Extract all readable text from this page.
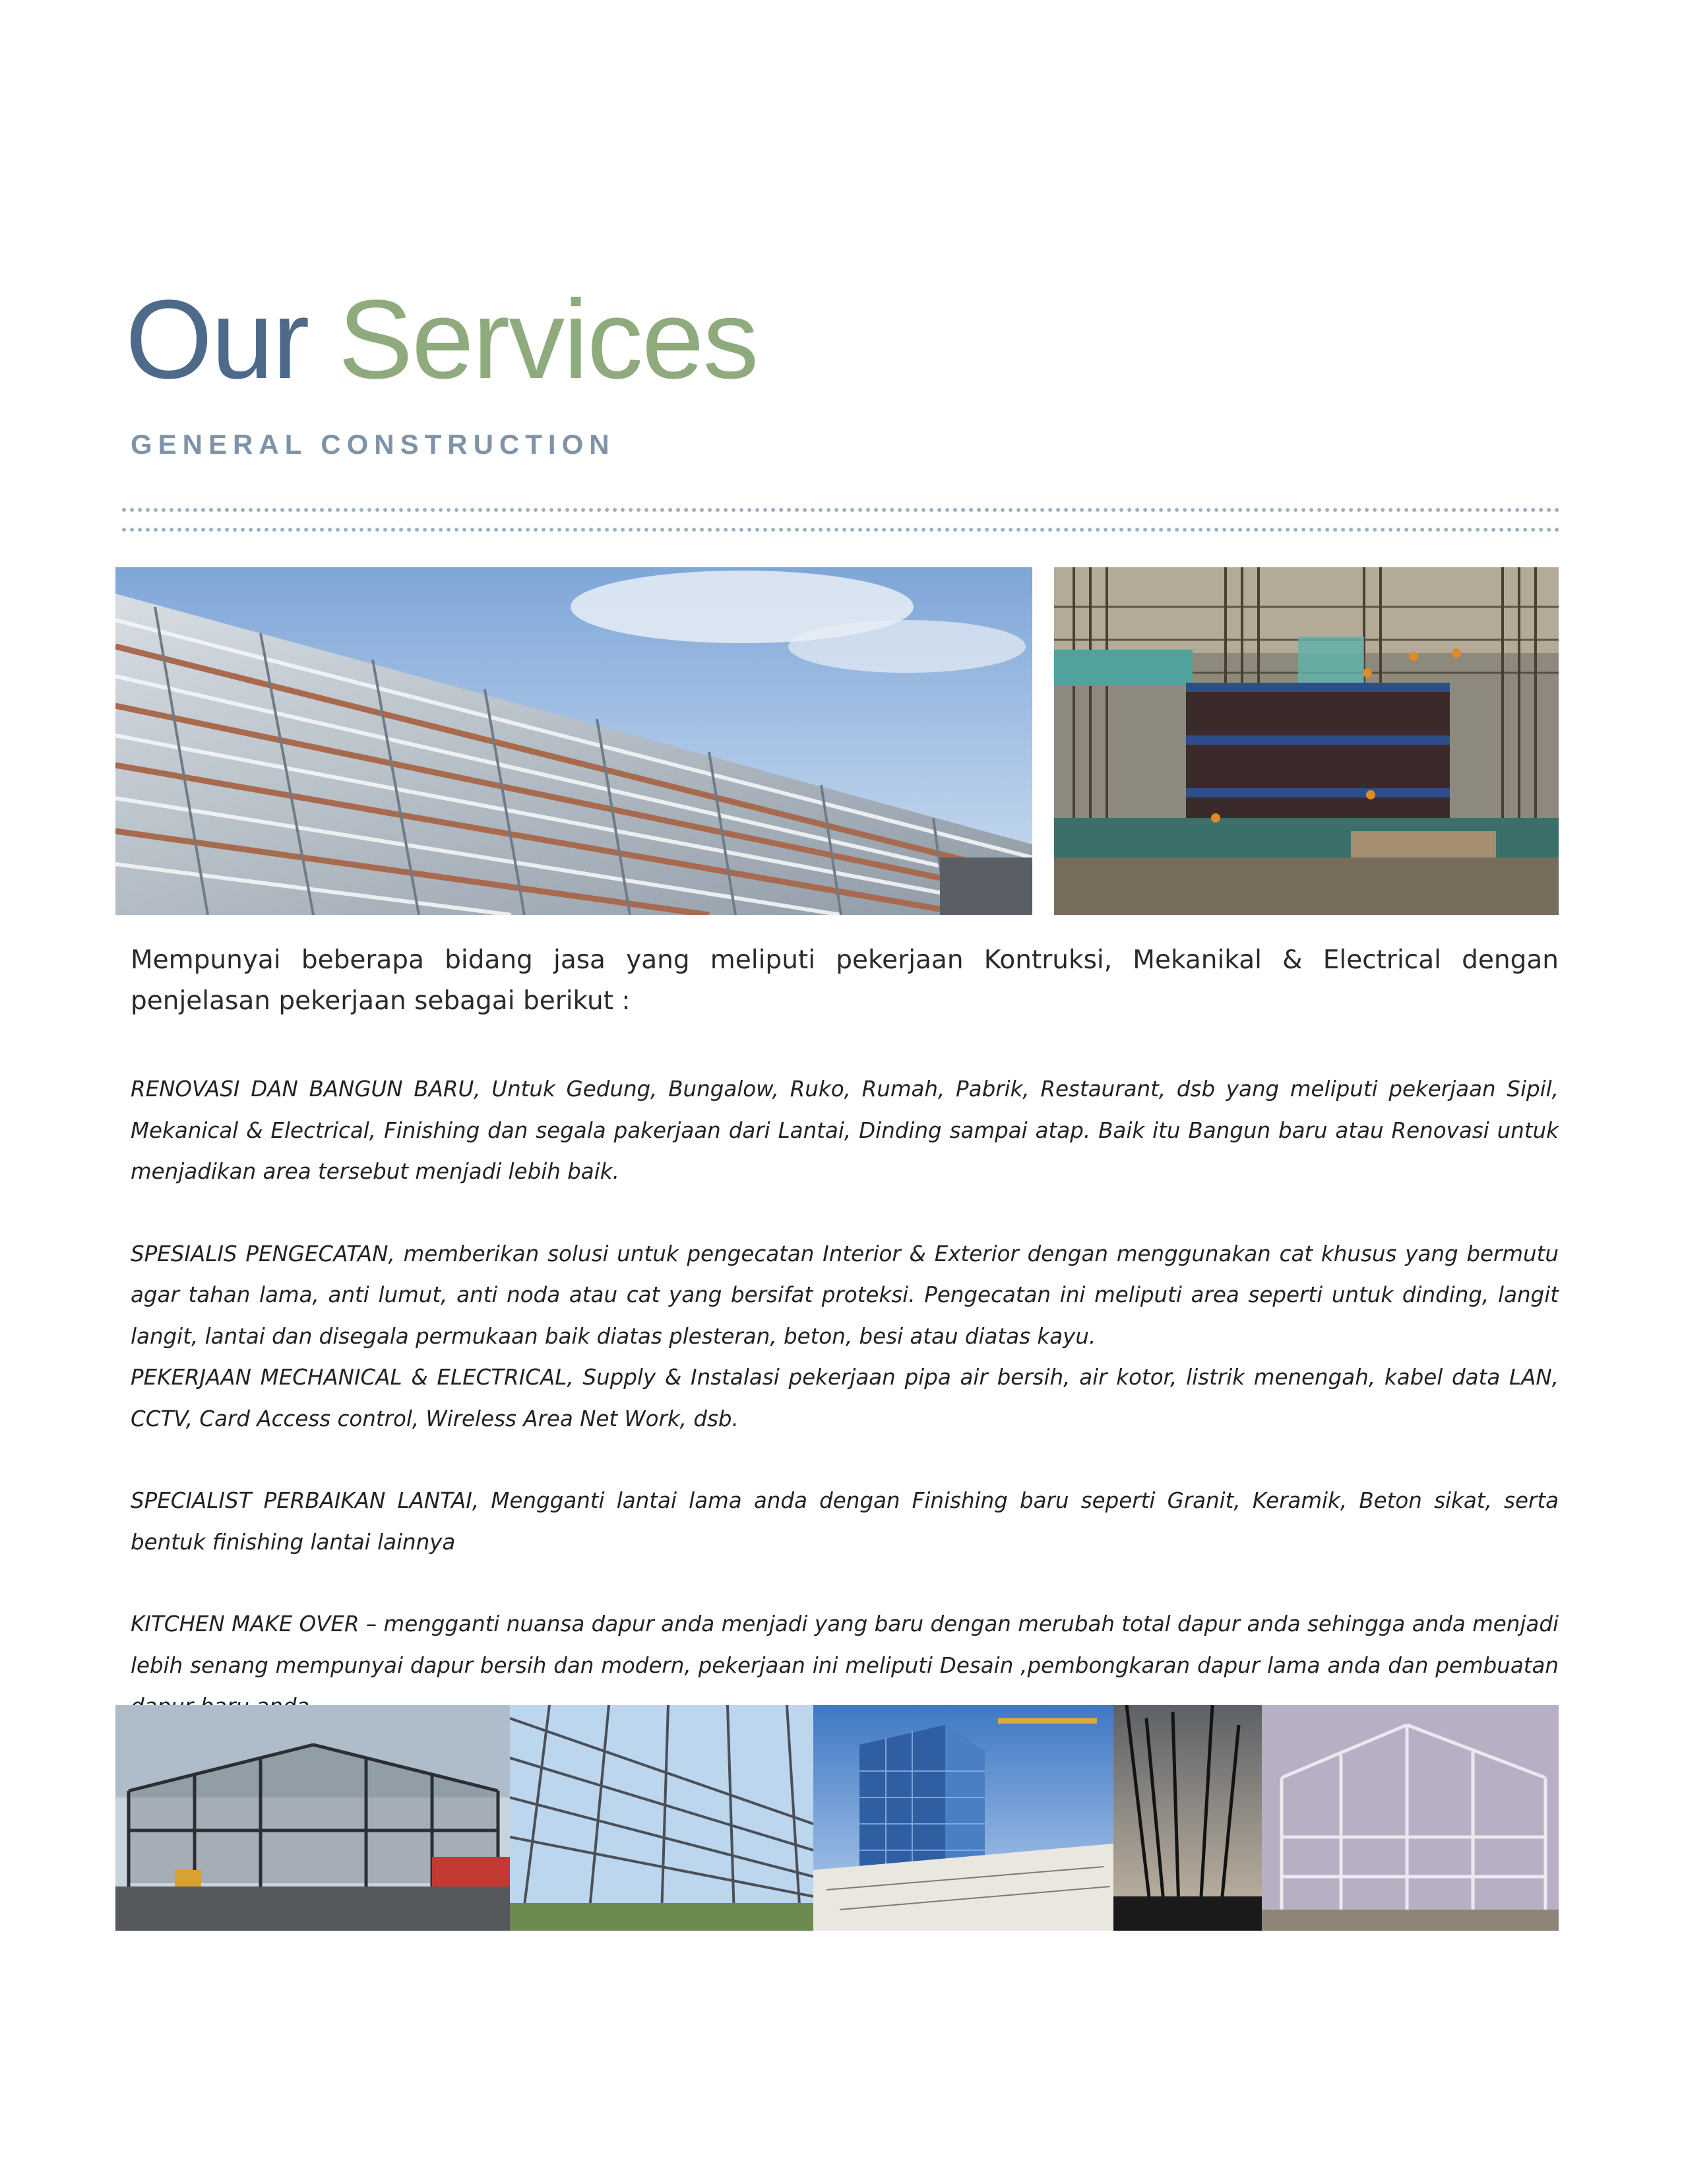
Our Services
GENERAL CONSTRUCTION

Mempunyai beberapa bidang jasa yang meliputi pekerjaan Kontruksi, Mekanikal & Electrical dengan penjelasan pekerjaan sebagai berikut :

RENOVASI DAN BANGUN BARU, Untuk Gedung, Bungalow, Ruko, Rumah, Pabrik, Restaurant, dsb yang meliputi pekerjaan Sipil, Mekanical & Electrical, Finishing dan segala pakerjaan dari Lantai, Dinding sampai atap. Baik itu Bangun baru atau Renovasi untuk menjadikan area tersebut menjadi lebih baik.

SPESIALIS PENGECATAN, memberikan solusi untuk pengecatan Interior & Exterior dengan menggunakan cat khusus yang bermutu agar tahan lama, anti lumut, anti noda atau cat yang bersifat proteksi. Pengecatan ini meliputi area seperti untuk dinding, langit langit, lantai dan disegala permukaan baik diatas plesteran, beton, besi atau diatas kayu.

PEKERJAAN MECHANICAL & ELECTRICAL, Supply & Instalasi pekerjaan pipa air bersih, air kotor, listrik menengah, kabel data LAN, CCTV, Card Access control, Wireless Area Net Work, dsb.

SPECIALIST PERBAIKAN LANTAI, Mengganti lantai lama anda dengan Finishing baru seperti Granit, Keramik, Beton sikat, serta bentuk finishing lantai lainnya

KITCHEN MAKE OVER – mengganti nuansa dapur anda menjadi yang baru dengan merubah total dapur anda sehingga anda menjadi lebih senang mempunyai dapur bersih dan modern, pekerjaan ini meliputi Desain ,pembongkaran dapur lama anda dan pembuatan
